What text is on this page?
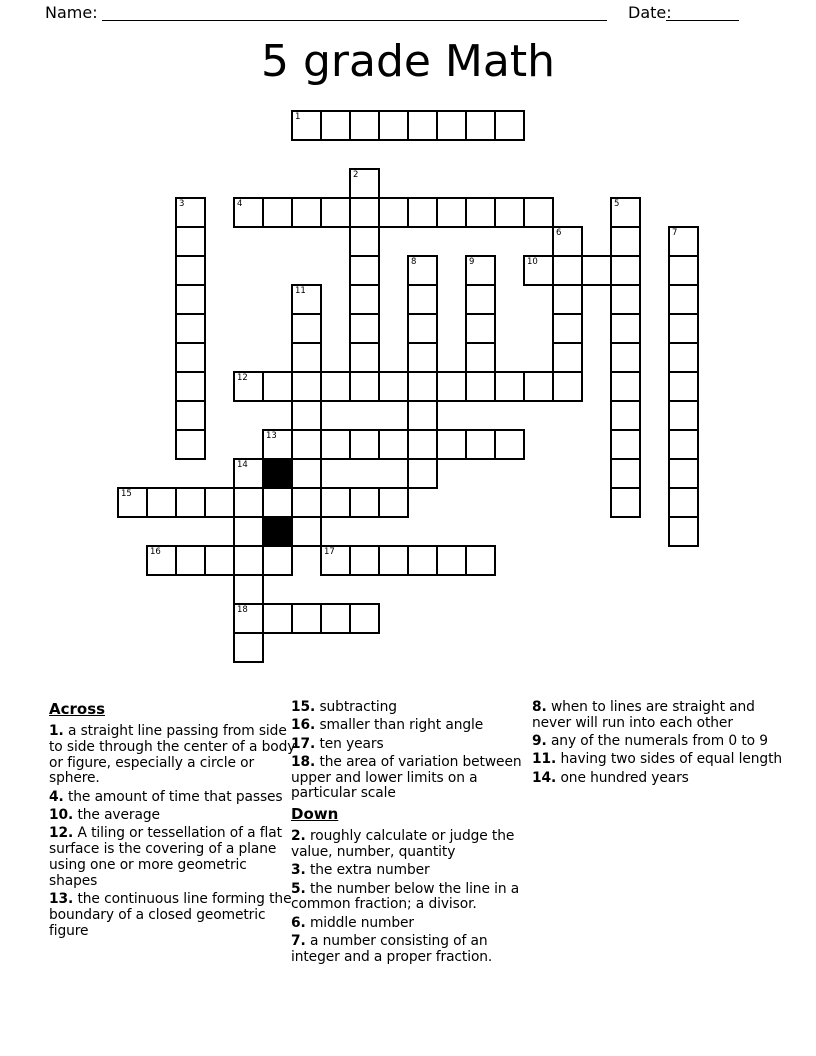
Name:	Date:
5 grade Math
1
2
3	4	5
6	7
8	9	10
11
12
13
14
18
15
16	17
Across

1. a straight line passing from side to side through the center of a body or figure, especially a circle or sphere.

4. the amount of time that passes

10. the average

12. A tiling or tessellation of a flat surface is the covering of a plane using one or more geometric shapes

13. the continuous line forming the boundary of a closed geometric figure

15. subtracting

16. smaller than right angle

17. ten years

18. the area of variation between upper and lower limits on a particular scale

Down

2. roughly calculate or judge the value, number, quantity

3. the extra number

5. the number below the line in a common fraction; a divisor.

6. middle number

7. a number consisting of an integer and a proper fraction.

8. when to lines are straight and never will run into each other

9. any of the numerals from 0 to 9

11. having two sides of equal length

14. one hundred years
